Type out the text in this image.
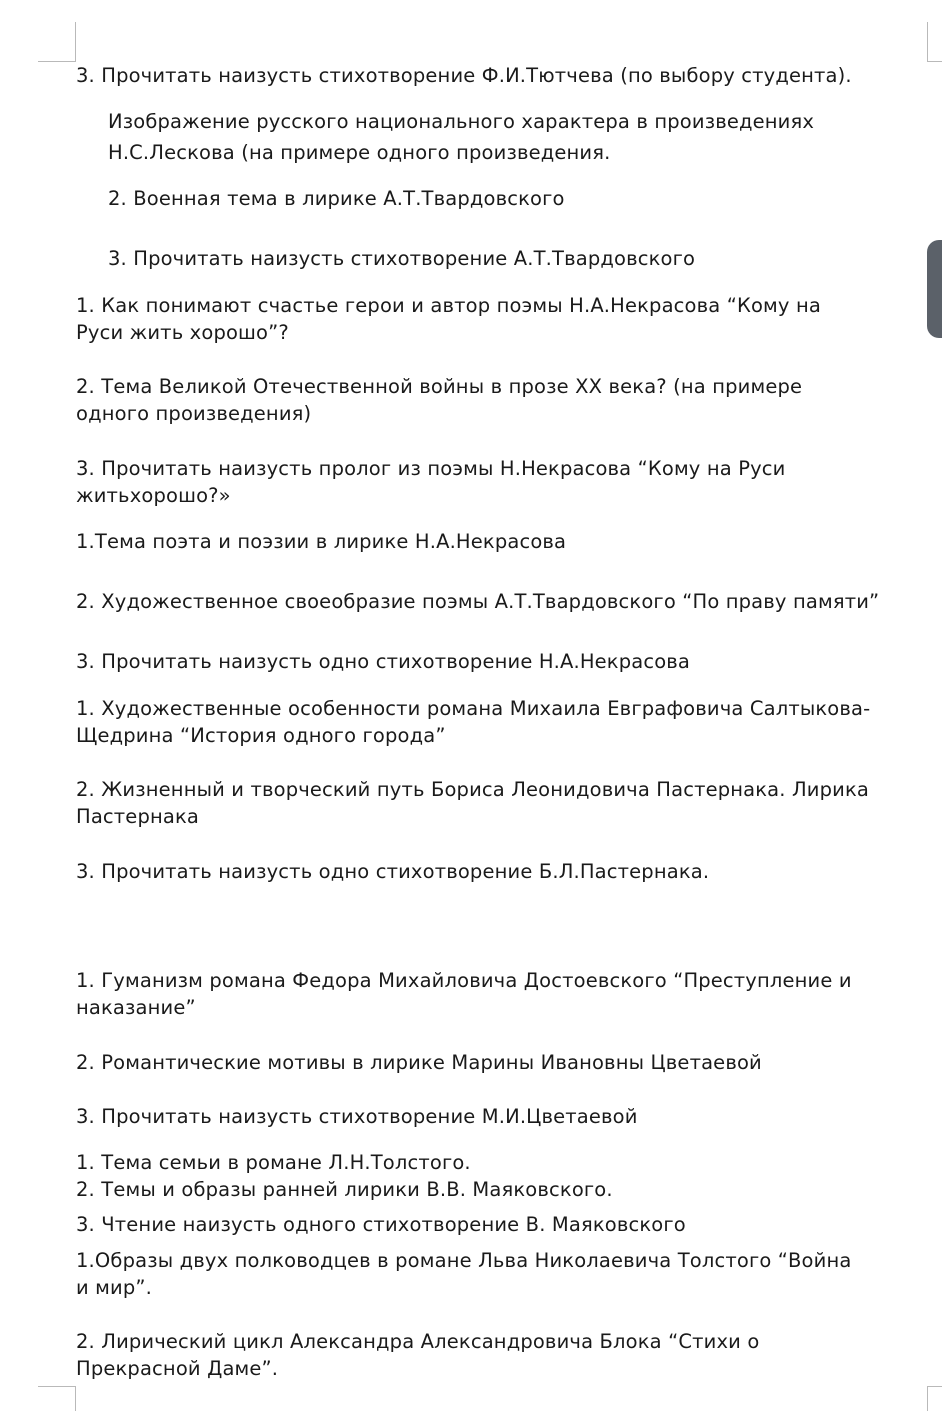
3. Прочитать наизусть стихотворение Ф.И.Тютчева (по выбору студента).
Изображение русского национального характера в произведениях
Н.С.Лескова (на примере одного произведения.
2. Военная тема в лирике А.Т.Твардовского
3. Прочитать наизусть стихотворение А.Т.Твардовского
1. Как понимают счастье герои и автор поэмы Н.А.Некрасова “Кому на
Руси жить хорошо”?
2. Тема Великой Отечественной войны в прозе ХХ века? (на примере
одного произведения)
3. Прочитать наизусть пролог из поэмы Н.Некрасова “Кому на Руси
житьхорошо?»
1.Тема поэта и поэзии в лирике Н.А.Некрасова
2. Художественное своеобразие поэмы А.Т.Твардовского “По праву памяти”
3. Прочитать наизусть одно стихотворение Н.А.Некрасова
1. Художественные особенности романа Михаила Евграфовича Салтыкова-
Щедрина “История одного города”
2. Жизненный и творческий путь Бориса Леонидовича Пастернака. Лирика
Пастернака
3. Прочитать наизусть одно стихотворение Б.Л.Пастернака.
1. Гуманизм романа Федора Михайловича Достоевского “Преступление и
наказание”
2. Романтические мотивы в лирике Марины Ивановны Цветаевой
3. Прочитать наизусть стихотворение М.И.Цветаевой
1. Тема семьи в романе Л.Н.Толстого.
2. Темы и образы ранней лирики В.В. Маяковского.
3. Чтение наизусть одного стихотворение В. Маяковского
1.Образы двух полководцев в романе Льва Николаевича Толстого “Война
и мир”.
2. Лирический цикл Александра Александровича Блока “Стихи о
Прекрасной Даме”.
